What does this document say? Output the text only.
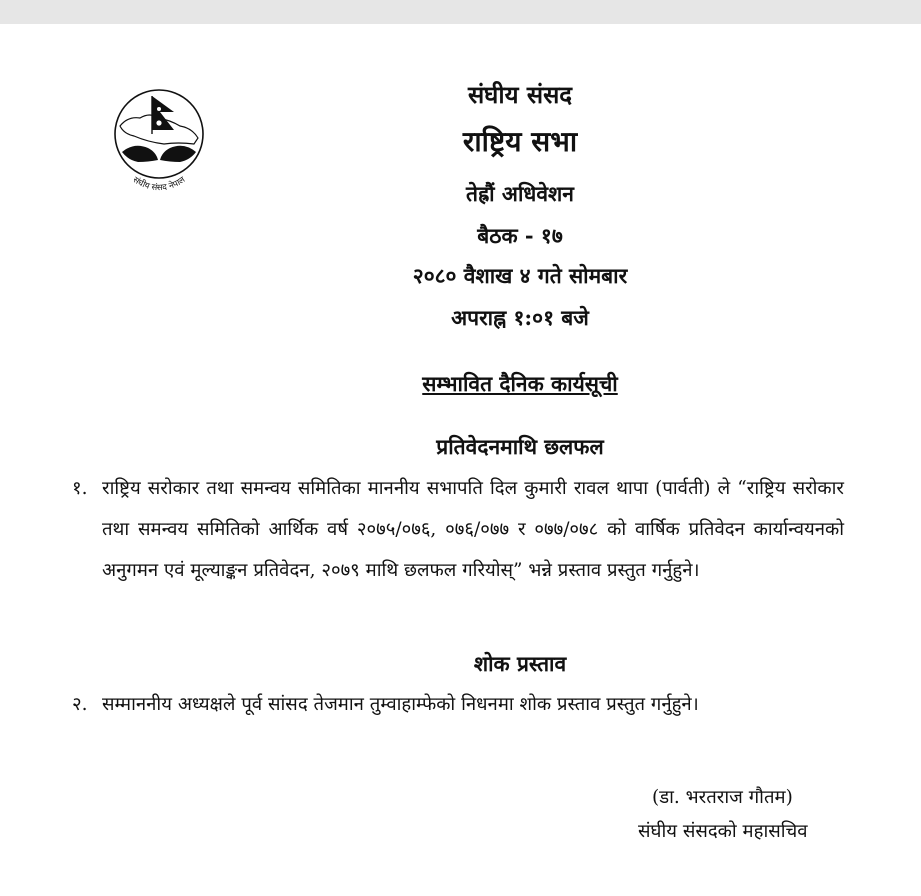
संघीय संसद नेपाल
संघीय संसद
राष्ट्रिय सभा
तेह्रौं अधिवेशन
बैठक - १७
२०८० वैशाख ४ गते सोमबार
अपराह्न १:०१ बजे
सम्भावित दैनिक कार्यसूची
प्रतिवेदनमाथि छलफल
१. राष्ट्रिय सरोकार तथा समन्वय समितिका माननीय सभापति दिल कुमारी रावल थापा (पार्वती) ले “राष्ट्रिय सरोकार तथा समन्वय समितिको आर्थिक वर्ष २०७५/०७६, ०७६/०७७ र ०७७/०७८ को वार्षिक प्रतिवेदन कार्यान्वयनको अनुगमन एवं मूल्याङ्कन प्रतिवेदन, २०७९ माथि छलफल गरियोस्” भन्ने प्रस्ताव प्रस्तुत गर्नुहुने।
शोक प्रस्ताव
२. सम्माननीय अध्यक्षले पूर्व सांसद तेजमान तुम्वाहाम्फेको निधनमा शोक प्रस्ताव प्रस्तुत गर्नुहुने।
(डा. भरतराज गौतम)
संघीय संसदको महासचिव
